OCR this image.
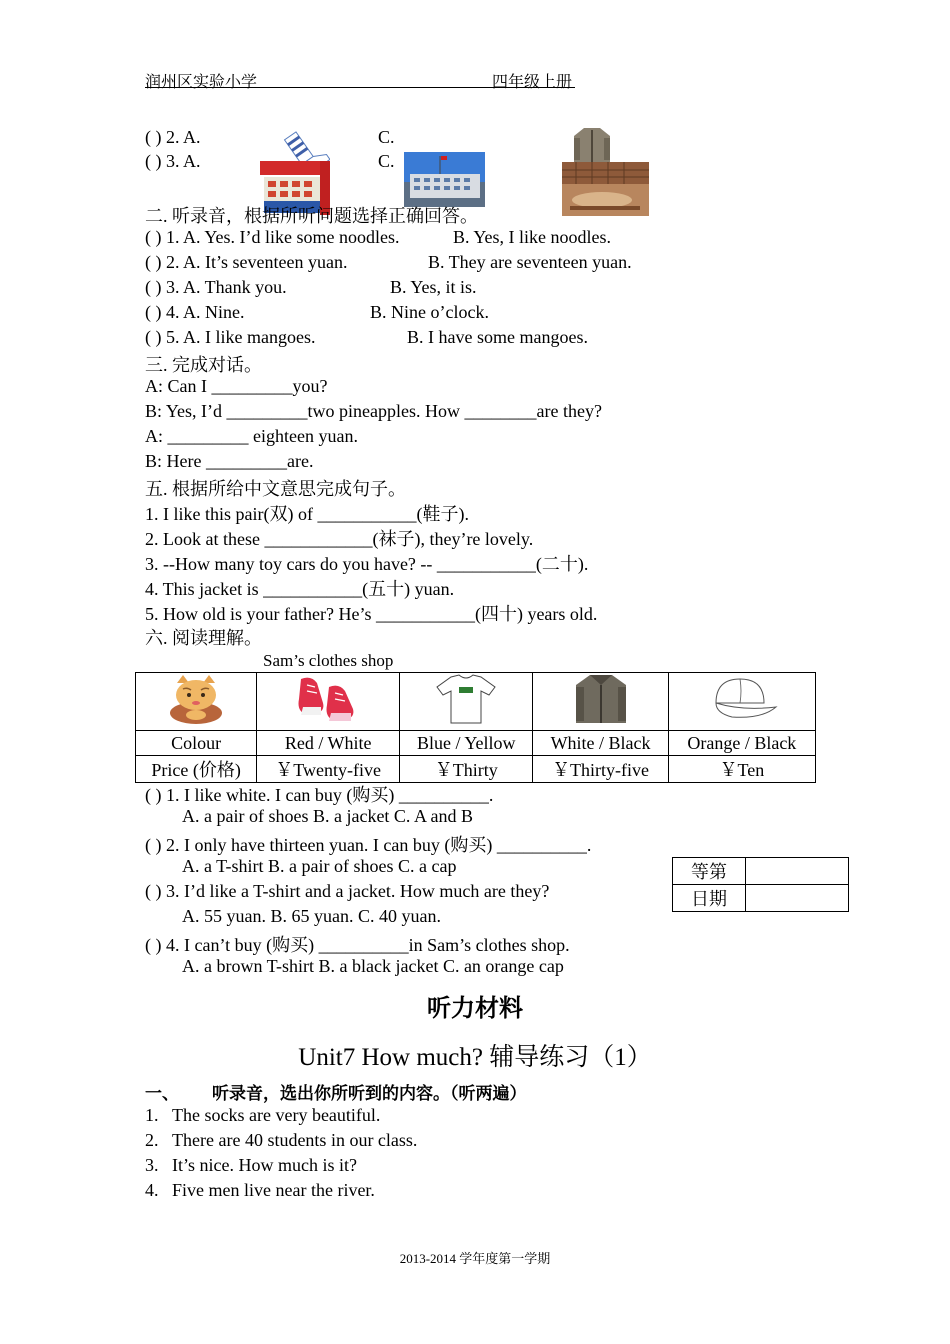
润州区实验小学	四年级上册
( ) 2. A.	C.
( ) 3. A.	C.
二. 听录音，根据所听问题选择正确回答。
( ) 1. A. Yes. I’d like some noodles.	B. Yes, I like noodles.
( ) 2. A. It’s seventeen yuan.	B. They are seventeen yuan.
( ) 3. A. Thank you.	B. Yes, it is.
( ) 4. A. Nine.	B. Nine o’clock.
( ) 5. A. I like mangoes.	B. I have some mangoes.
三. 完成对话。
A: Can I _________you?
B: Yes, I’d _________two pineapples. How ________are they?
A: _________ eighteen yuan.
B: Here _________are.
五. 根据所给中文意思完成句子。
1. I like this pair(双) of ___________(鞋子).
2. Look at these ____________(袜子), they’re lovely.
3. --How many toy cars do you have? -- ___________(二十).
4. This jacket is ___________(五十) yuan.
5. How old is your father? He’s ___________(四十) years old.
六. 阅读理解。
Sam’s clothes shop

Colour	Red / White	Blue / Yellow	White / Black	Orange / Black
Price (价格)	￥Twenty-five	￥Thirty	￥Thirty-five	￥Ten
( ) 1. I like white. I can buy (购买) __________.
A. a pair of shoes B. a jacket C. A and B
( ) 2. I only have thirteen yuan. I can buy (购买) __________.
A. a T-shirt B. a pair of shoes C. a cap
( ) 3. I’d like a T-shirt and a jacket. How much are they?
A. 55 yuan. B. 65 yuan. C. 40 yuan.
( ) 4. I can’t buy (购买) __________in Sam’s clothes shop.
A. a brown T-shirt B. a black jacket C. an orange cap
等第	
日期	
听力材料
Unit7 How much? 辅导练习（1）
一、 听录音，选出你所听到的内容。（听两遍）
1. The socks are very beautiful.
2. There are 40 students in our class.
3. It’s nice. How much is it?
4. Five men live near the river.
2013-2014 学年度第一学期
